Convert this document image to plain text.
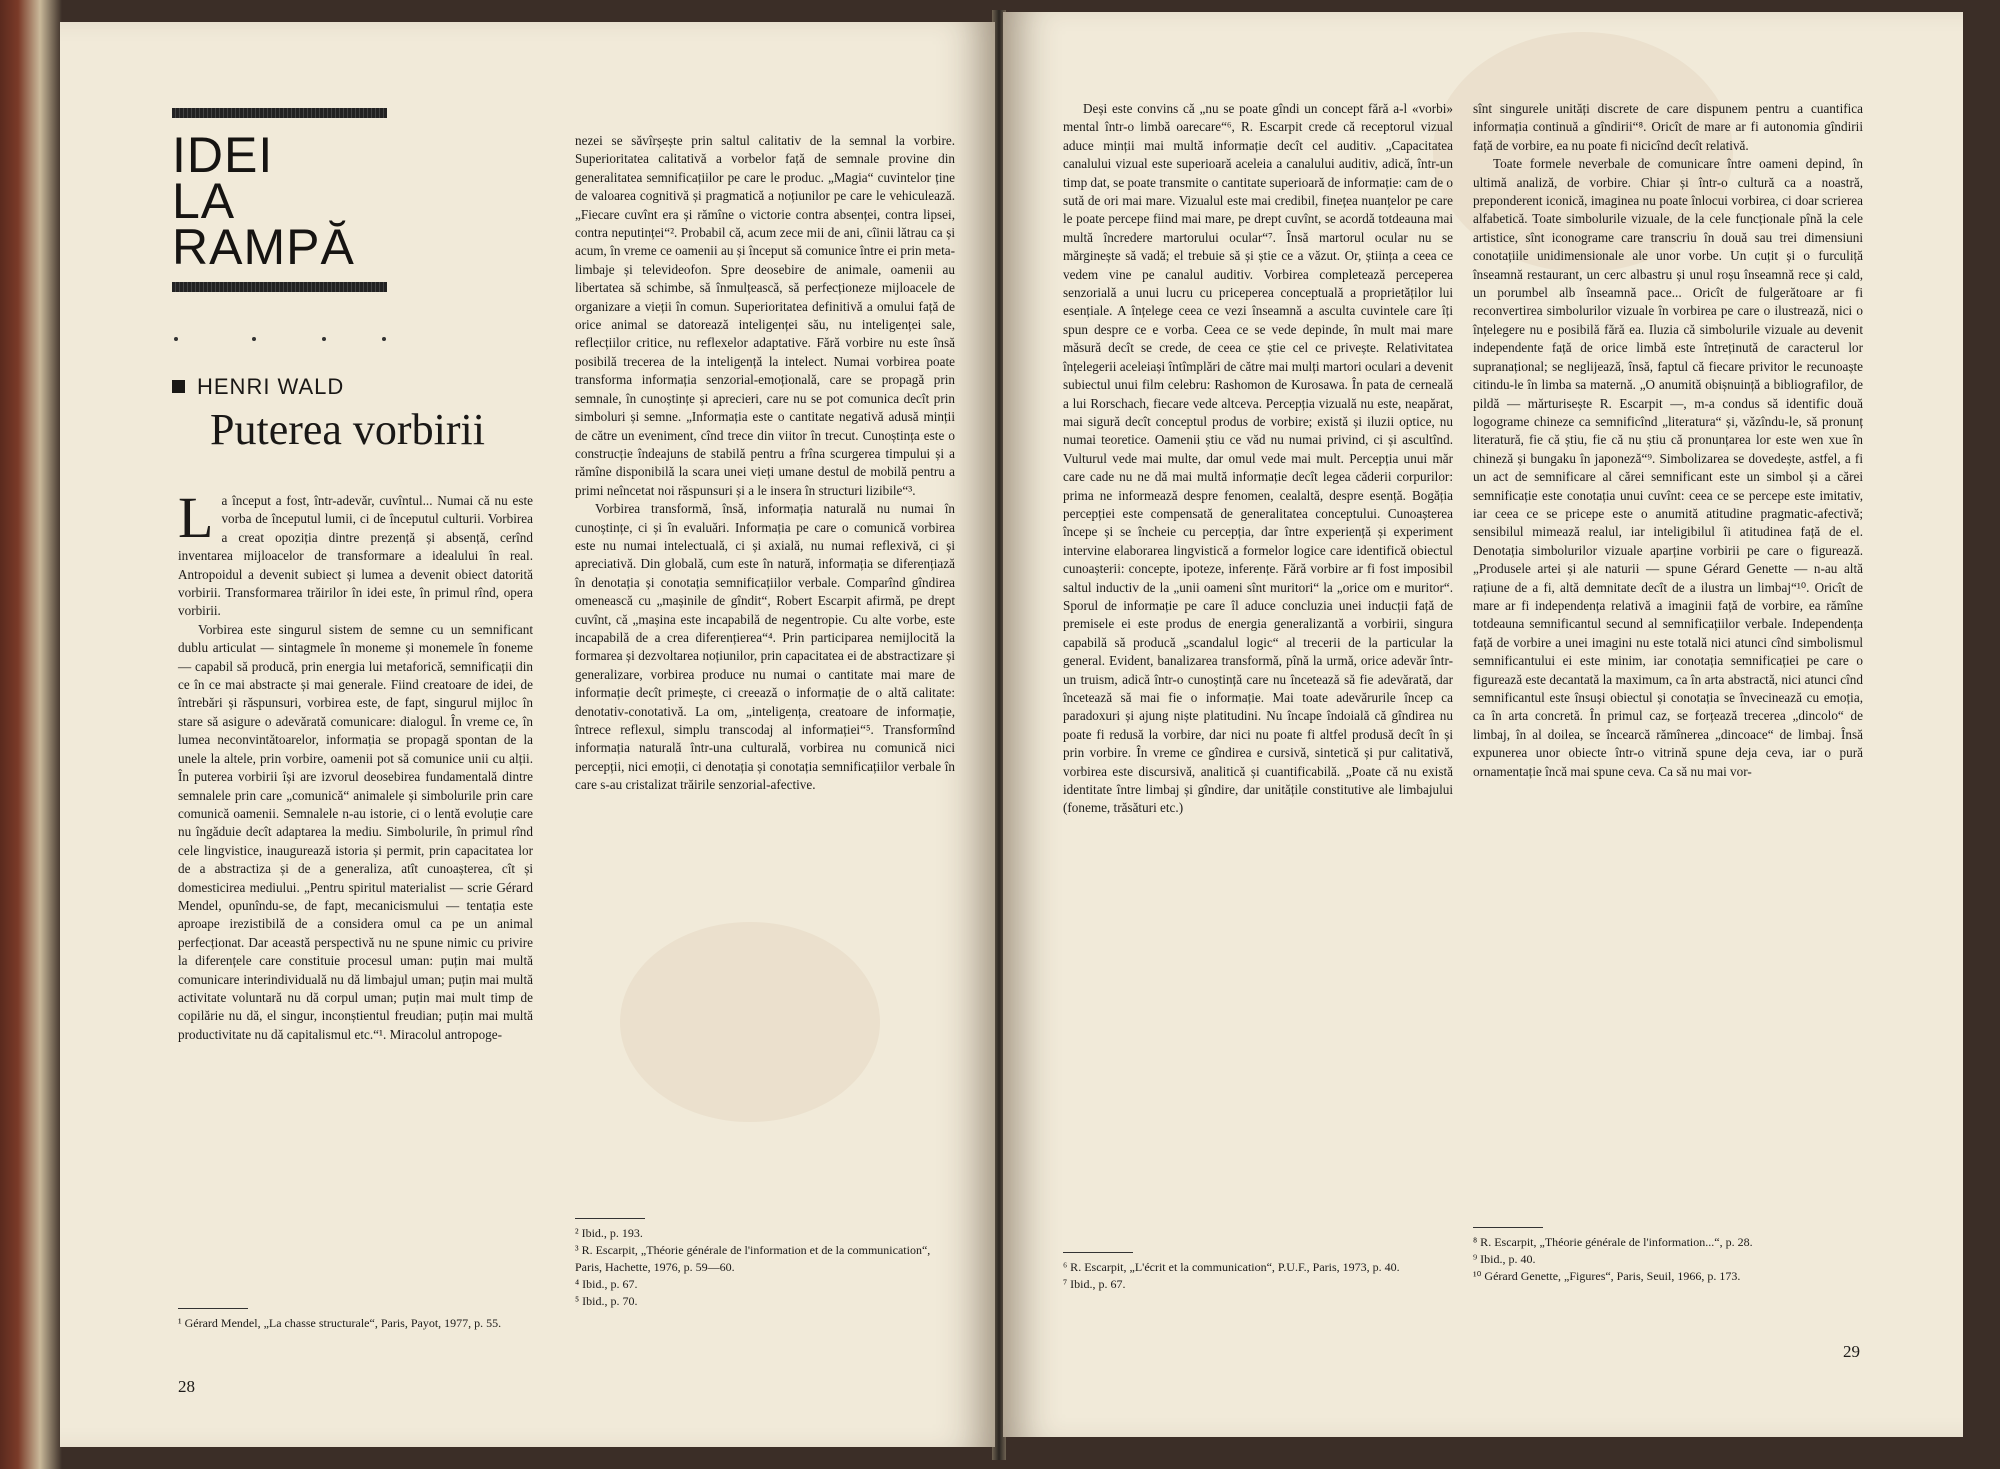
IDEI
LA
RAMPĂ
HENRI WALD
Puterea vorbirii
L a început a fost, într-adevăr, cuvîntul... Numai că nu este vorba de începutul lumii, ci de începutul culturii. Vorbirea a creat opoziția dintre prezență și absență, cerînd inventarea mijloacelor de transformare a idealului în real. Antropoidul a devenit subiect și lumea a devenit obiect datorită vorbirii. Transformarea trăirilor în idei este, în primul rînd, opera vorbirii.

Vorbirea este singurul sistem de semne cu un semnificant dublu articulat — sintagmele în moneme și monemele în foneme — capabil să producă, prin energia lui metaforică, semnificații din ce în ce mai abstracte și mai generale. Fiind creatoare de idei, de întrebări și răspunsuri, vorbirea este, de fapt, singurul mijloc în stare să asigure o adevărată comunicare: dialogul. În vreme ce, în lumea neconvintătoarelor, informația se propagă spontan de la unele la altele, prin vorbire, oamenii pot să comunice unii cu alții. În puterea vorbirii își are izvorul deosebirea fundamentală dintre semnalele prin care „comunică“ animalele și simbolurile prin care comunică oamenii. Semnalele n-au istorie, ci o lentă evoluție care nu îngăduie decît adaptarea la mediu. Simbolurile, în primul rînd cele lingvistice, inaugurează istoria și permit, prin capacitatea lor de a abstractiza și de a generaliza, atît cunoașterea, cît și domesticirea mediului. „Pentru spiritul materialist — scrie Gérard Mendel, opunîndu-se, de fapt, mecanicismului — tentația este aproape irezistibilă de a considera omul ca pe un animal perfecționat. Dar această perspectivă nu ne spune nimic cu privire la diferențele care constituie procesul uman: puțin mai multă comunicare interindividuală nu dă limbajul uman; puțin mai multă activitate voluntară nu dă corpul uman; puțin mai mult timp de copilărie nu dă, el singur, inconștientul freudian; puțin mai multă productivitate nu dă capitalismul etc.“¹. Miracolul antropoge-

¹ Gérard Mendel, „La chasse structurale“, Paris, Payot, 1977, p. 55.

nezei se săvîrșește prin saltul calitativ de la semnal la vorbire. Superioritatea calitativă a vorbelor față de semnale provine din generalitatea semnificațiilor pe care le produc. „Magia“ cuvintelor ține de valoarea cognitivă și pragmatică a noțiunilor pe care le vehiculează. „Fiecare cuvînt era și rămîne o victorie contra absenței, contra lipsei, contra neputinței“². Probabil că, acum zece mii de ani, cîinii lătrau ca și acum, în vreme ce oamenii au și început să comunice între ei prin meta-limbaje și televideofon. Spre deosebire de animale, oamenii au libertatea să schimbe, să înmulțească, să perfecționeze mijloacele de organizare a vieții în comun. Superioritatea definitivă a omului față de orice animal se datorează inteligenței său, nu inteligenței sale, reflecțiilor critice, nu reflexelor adaptative. Fără vorbire nu este însă posibilă trecerea de la inteligență la intelect. Numai vorbirea poate transforma informația senzorial-emoțională, care se propagă prin semnale, în cunoștințe și aprecieri, care nu se pot comunica decît prin simboluri și semne. „Informația este o cantitate negativă adusă minții de către un eveniment, cînd trece din viitor în trecut. Cunoștința este o construcție îndeajuns de stabilă pentru a frîna scurgerea timpului și a rămîne disponibilă la scara unei vieți umane destul de mobilă pentru a primi neîncetat noi răspunsuri și a le insera în structuri lizibile“³.

Vorbirea transformă, însă, informația naturală nu numai în cunoștințe, ci și în evaluări. Informația pe care o comunică vorbirea este nu numai intelectuală, ci și axială, nu numai reflexivă, ci și apreciativă. Din globală, cum este în natură, informația se diferențiază în denotația și conotația semnificațiilor verbale. Comparînd gîndirea omenească cu „mașinile de gîndit“, Robert Escarpit afirmă, pe drept cuvînt, că „mașina este incapabilă de negentropie. Cu alte vorbe, este incapabilă de a crea diferențierea“⁴. Prin participarea nemijlocită la formarea și dezvoltarea noțiunilor, prin capacitatea ei de abstractizare și generalizare, vorbirea produce nu numai o cantitate mai mare de informație decît primește, ci creează o informație de o altă calitate: denotativ-conotativă. La om, „inteligența, creatoare de informație, întrece reflexul, simplu transcodaj al informației“⁵. Transformînd informația naturală într-una culturală, vorbirea nu comunică nici percepții, nici emoții, ci denotația și conotația semnificațiilor verbale în care s-au cristalizat trăirile senzorial-afective.

² Ibid., p. 193.
³ R. Escarpit, „Théorie générale de l'information et de la communication“, Paris, Hachette, 1976, p. 59—60.
⁴ Ibid., p. 67.
⁵ Ibid., p. 70.
28

Deși este convins că „nu se poate gîndi un concept fără a-l «vorbi» mental într-o limbă oarecare“⁶, R. Escarpit crede că receptorul vizual aduce minții mai multă informație decît cel auditiv. „Capacitatea canalului vizual este superioară aceleia a canalului auditiv, adică, într-un timp dat, se poate transmite o cantitate superioară de informație: cam de o sută de ori mai mare. Vizualul este mai credibil, finețea nuanțelor pe care le poate percepe fiind mai mare, pe drept cuvînt, se acordă totdeauna mai multă încredere martorului ocular“⁷. Însă martorul ocular nu se mărginește să vadă; el trebuie să și știe ce a văzut. Or, știința a ceea ce vedem vine pe canalul auditiv. Vorbirea completează perceperea senzorială a unui lucru cu priceperea conceptuală a proprietăților lui esențiale. A înțelege ceea ce vezi înseamnă a asculta cuvintele care îți spun despre ce e vorba. Ceea ce se vede depinde, în mult mai mare măsură decît se crede, de ceea ce știe cel ce privește. Relativitatea înțelegerii aceleiași întîmplări de către mai mulți martori oculari a devenit subiectul unui film celebru: Rashomon de Kurosawa. În pata de cerneală a lui Rorschach, fiecare vede altceva. Percepția vizuală nu este, neapărat, mai sigură decît conceptul produs de vorbire; există și iluzii optice, nu numai teoretice. Oamenii știu ce văd nu numai privind, ci și ascultînd. Vulturul vede mai multe, dar omul vede mai mult. Percepția unui măr care cade nu ne dă mai multă informație decît legea căderii corpurilor: prima ne informează despre fenomen, cealaltă, despre esență. Bogăția percepției este compensată de generalitatea conceptului. Cunoașterea începe și se încheie cu percepția, dar între experiență și experiment intervine elaborarea lingvistică a formelor logice care identifică obiectul cunoașterii: concepte, ipoteze, inferențe. Fără vorbire ar fi fost imposibil saltul inductiv de la „unii oameni sînt muritori“ la „orice om e muritor“. Sporul de informație pe care îl aduce concluzia unei inducții față de premisele ei este produs de energia generalizantă a vorbirii, singura capabilă să producă „scandalul logic“ al trecerii de la particular la general. Evident, banalizarea transformă, pînă la urmă, orice adevăr într-un truism, adică într-o cunoștință care nu încetează să fie adevărată, dar încetează să mai fie o informație. Mai toate adevărurile încep ca paradoxuri și ajung niște platitudini. Nu încape îndoială că gîndirea nu poate fi redusă la vorbire, dar nici nu poate fi altfel produsă decît în și prin vorbire. În vreme ce gîndirea e cursivă, sintetică și pur calitativă, vorbirea este discursivă, analitică și cuantificabilă. „Poate că nu există identitate între limbaj și gîndire, dar unitățile constitutive ale limbajului (foneme, trăsături etc.)

⁶ R. Escarpit, „L'écrit et la communication“, P.U.F., Paris, 1973, p. 40.
⁷ Ibid., p. 67.

sînt singurele unități discrete de care dispunem pentru a cuantifica informația continuă a gîndirii“⁸. Oricît de mare ar fi autonomia gîndirii față de vorbire, ea nu poate fi nicicînd decît relativă.

Toate formele neverbale de comunicare între oameni depind, în ultimă analiză, de vorbire. Chiar și într-o cultură ca a noastră, preponderent iconică, imaginea nu poate înlocui vorbirea, ci doar scrierea alfabetică. Toate simbolurile vizuale, de la cele funcționale pînă la cele artistice, sînt iconograme care transcriu în două sau trei dimensiuni conotațiile unidimensionale ale unor vorbe. Un cuțit și o furculiță înseamnă restaurant, un cerc albastru și unul roșu înseamnă rece și cald, un porumbel alb înseamnă pace... Oricît de fulgerătoare ar fi reconvertirea simbolurilor vizuale în vorbirea pe care o ilustrează, nici o înțelegere nu e posibilă fără ea. Iluzia că simbolurile vizuale au devenit independente față de orice limbă este întreținută de caracterul lor supranațional; se neglijează, însă, faptul că fiecare privitor le recunoaște citindu-le în limba sa maternă. „O anumită obișnuință a bibliografilor, de pildă — mărturisește R. Escarpit —, m-a condus să identific două logograme chineze ca semnificînd „literatura“ și, văzîndu-le, să pronunț literatură, fie că știu, fie că nu știu că pronunțarea lor este wen xue în chineză și bungaku în japoneză“⁹. Simbolizarea se dovedește, astfel, a fi un act de semnificare al cărei semnificant este un simbol și a cărei semnificație este conotația unui cuvînt: ceea ce se percepe este imitativ, iar ceea ce se pricepe este o anumită atitudine pragmatic-afectivă; sensibilul mimează realul, iar inteligibilul îi atitudinea față de el. Denotația simbolurilor vizuale aparține vorbirii pe care o figurează. „Produsele artei și ale naturii — spune Gérard Genette — n-au altă rațiune de a fi, altă demnitate decît de a ilustra un limbaj“¹⁰. Oricît de mare ar fi independența relativă a imaginii față de vorbire, ea rămîne totdeauna semnificantul secund al semnificațiilor verbale. Independența față de vorbire a unei imagini nu este totală nici atunci cînd simbolismul semnificantului ei este minim, iar conotația semnificației pe care o figurează este decantată la maximum, ca în arta abstractă, nici atunci cînd semnificantul este însuși obiectul și conotația se învecinează cu emoția, ca în arta concretă. În primul caz, se forțează trecerea „dincolo“ de limbaj, în al doilea, se încearcă rămînerea „dincoace“ de limbaj. Însă expunerea unor obiecte într-o vitrină spune deja ceva, iar o pură ornamentație încă mai spune ceva. Ca să nu mai vor-

⁸ R. Escarpit, „Théorie générale de l'information...“, p. 28.
⁹ Ibid., p. 40.
¹⁰ Gérard Genette, „Figures“, Paris, Seuil, 1966, p. 173.
29
